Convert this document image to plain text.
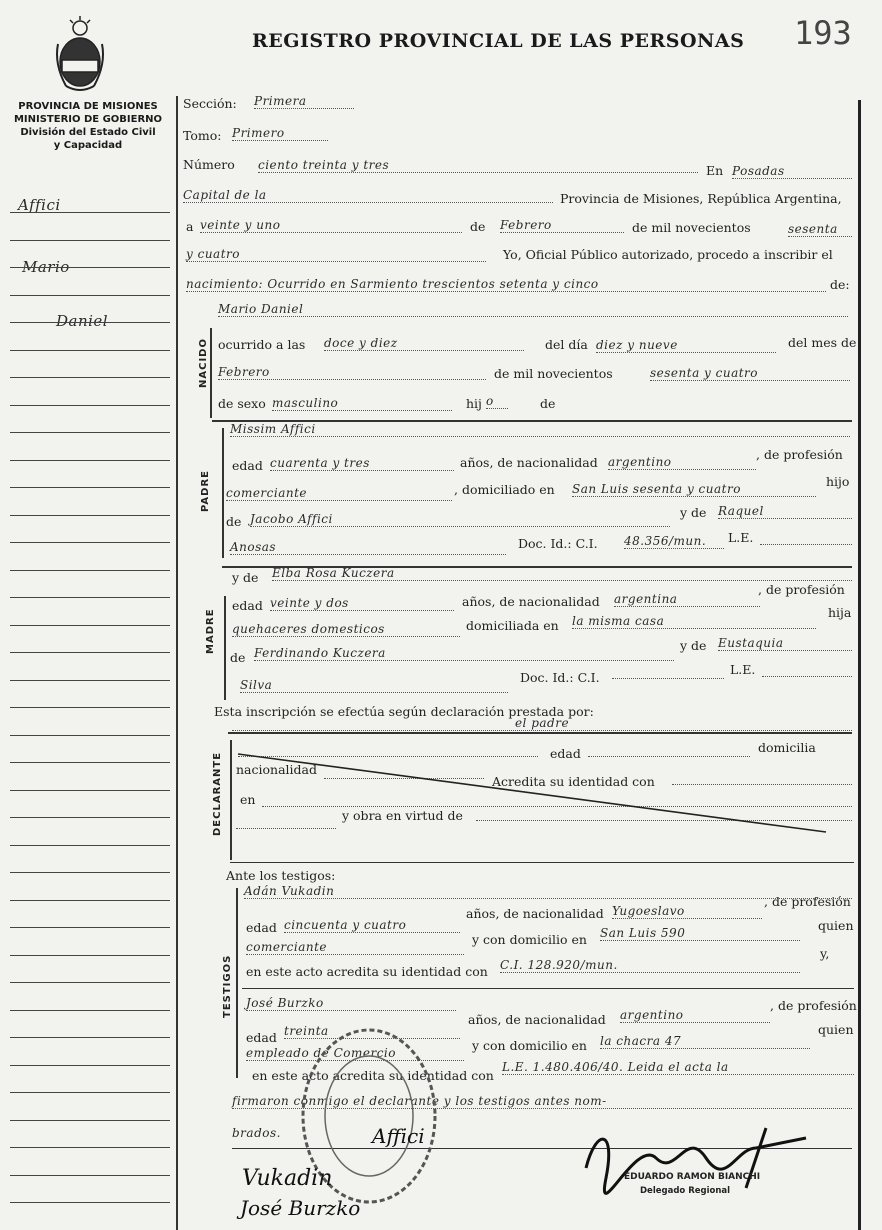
REGISTRO PROVINCIAL DE LAS PERSONAS 193
PROVINCIA DE MISIONES
MINISTERIO DE GOBIERNO
División del Estado Civil
y Capacidad
Affici
Mario
Daniel
Sección: Primera
Tomo: Primero
Número ciento treinta y tres	En Posadas
Capital de la	Provincia de Misiones, República Argentina,
a veinte y uno	de Febrero	de mil novecientos	sesenta
y cuatro	Yo, Oficial Público autorizado, procedo a inscribir el
nacimiento: Ocurrido en Sarmiento trescientos setenta y cinco	de:
NACIDO
Mario Daniel
ocurrido a las doce y diez	del día diez y nueve	del mes de
Febrero	de mil novecientos	sesenta y cuatro
de sexo masculino	hij o	de
PADRE
Missim Affici
edad cuarenta y tres	años, de nacionalidad argentino	, de profesión
comerciante	, domiciliado en San Luis sesenta y cuatro	hijo
de Jacobo Affici	y de Raquel
Anosas	Doc. Id.: C.I. 48.356/mun.	L.E.
MADRE
y de Elba Rosa Kuczera
edad veinte y dos	años, de nacionalidad argentina
, de profesión
quehaceres domesticos	domiciliada en la misma casa
hija
de Ferdinando Kuczera	y de Eustaquia
Silva	Doc. Id.: C.I.
L.E.
Esta inscripción se efectúa según declaración prestada por:
el padre
DECLARANTE	edad	domicilia
nacionalidad
Acredita su identidad con
en
y obra en virtud de
Ante los testigos:
TESTIGOS
Adán Vukadin
edad cincuenta y cuatro
años, de nacionalidad Yugoeslavo
, de profesión
comerciante	y con domicilio en San Luis 590	quien
en este acto acredita su identidad con C.I. 128.920/mun.
y,
José Burzko
edad treinta
años, de nacionalidad argentino
, de profesión
empleado de Comercio	y con domicilio en la chacra 47
quien
en este acto acredita su identidad con
L.E. 1.480.406/40. Leida el acta la
firmaron conmigo el declarante y los testigos antes nom-
brados.
Vukadin
José Burzko
Affici
EDUARDO RAMON BIANCHI
Delegado Regional
